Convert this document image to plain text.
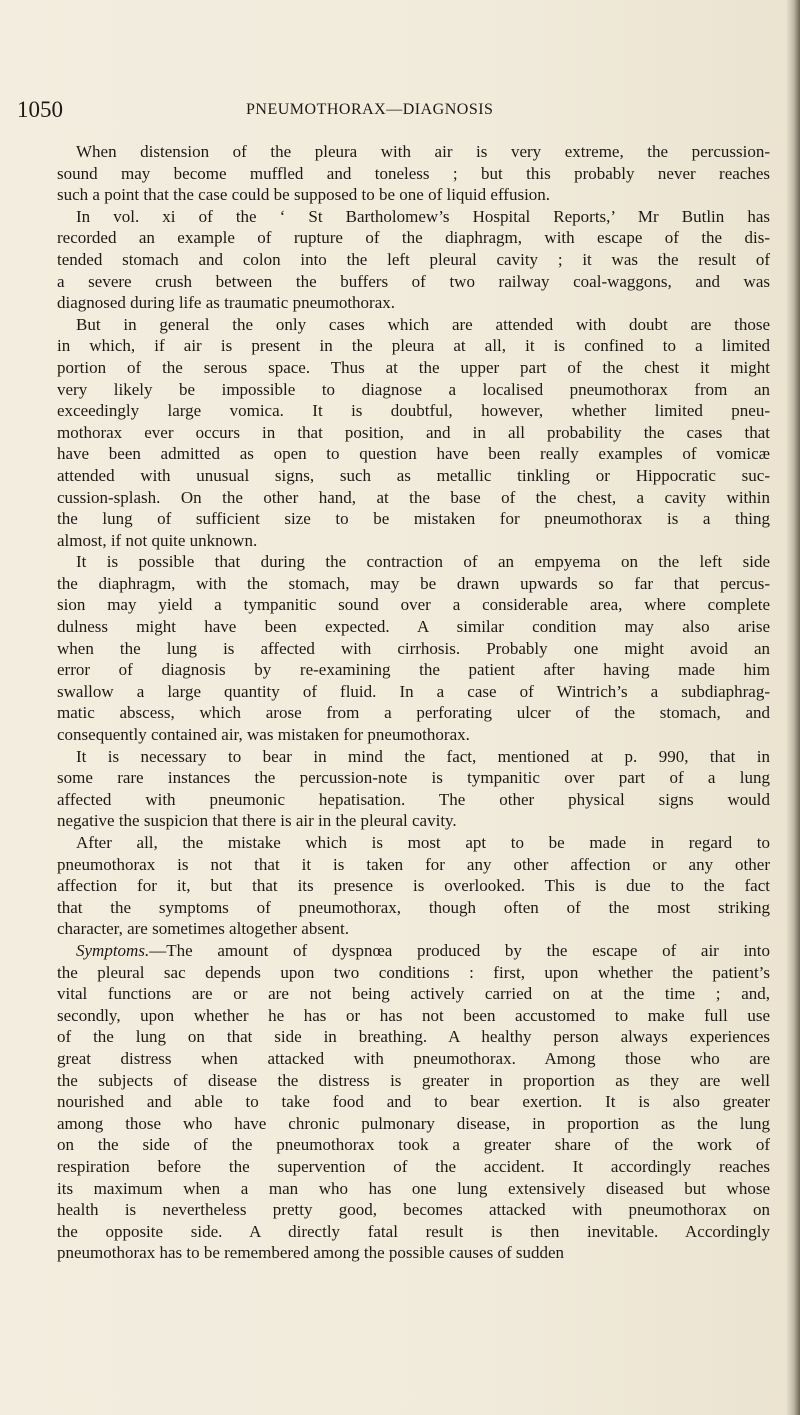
1050	PNEUMOTHORAX—DIAGNOSIS
When distension of the pleura with air is very extreme, the percussion-
sound may become muffled and toneless ; but this probably never reaches
such a point that the case could be supposed to be one of liquid effusion.
In vol. xi of the ‘ St Bartholomew’s Hospital Reports,’ Mr Butlin has
recorded an example of rupture of the diaphragm, with escape of the dis-
tended stomach and colon into the left pleural cavity ; it was the result of
a severe crush between the buffers of two railway coal-waggons, and was
diagnosed during life as traumatic pneumothorax.
But in general the only cases which are attended with doubt are those
in which, if air is present in the pleura at all, it is confined to a limited
portion of the serous space. Thus at the upper part of the chest it might
very likely be impossible to diagnose a localised pneumothorax from an
exceedingly large vomica. It is doubtful, however, whether limited pneu-
mothorax ever occurs in that position, and in all probability the cases that
have been admitted as open to question have been really examples of vomicæ
attended with unusual signs, such as metallic tinkling or Hippocratic suc-
cussion-splash. On the other hand, at the base of the chest, a cavity within
the lung of sufficient size to be mistaken for pneumothorax is a thing
almost, if not quite unknown.
It is possible that during the contraction of an empyema on the left side
the diaphragm, with the stomach, may be drawn upwards so far that percus-
sion may yield a tympanitic sound over a considerable area, where complete
dulness might have been expected. A similar condition may also arise
when the lung is affected with cirrhosis. Probably one might avoid an
error of diagnosis by re-examining the patient after having made him
swallow a large quantity of fluid. In a case of Wintrich’s a subdiaphrag-
matic abscess, which arose from a perforating ulcer of the stomach, and
consequently contained air, was mistaken for pneumothorax.
It is necessary to bear in mind the fact, mentioned at p. 990, that in
some rare instances the percussion-note is tympanitic over part of a lung
affected with pneumonic hepatisation. The other physical signs would
negative the suspicion that there is air in the pleural cavity.
After all, the mistake which is most apt to be made in regard to
pneumothorax is not that it is taken for any other affection or any other
affection for it, but that its presence is overlooked. This is due to the fact
that the symptoms of pneumothorax, though often of the most striking
character, are sometimes altogether absent.
Symptoms.—The amount of dyspnœa produced by the escape of air into
the pleural sac depends upon two conditions : first, upon whether the patient’s
vital functions are or are not being actively carried on at the time ; and,
secondly, upon whether he has or has not been accustomed to make full use
of the lung on that side in breathing. A healthy person always experiences
great distress when attacked with pneumothorax. Among those who are
the subjects of disease the distress is greater in proportion as they are well
nourished and able to take food and to bear exertion. It is also greater
among those who have chronic pulmonary disease, in proportion as the lung
on the side of the pneumothorax took a greater share of the work of
respiration before the supervention of the accident. It accordingly reaches
its maximum when a man who has one lung extensively diseased but whose
health is nevertheless pretty good, becomes attacked with pneumothorax on
the opposite side. A directly fatal result is then inevitable. Accordingly
pneumothorax has to be remembered among the possible causes of sudden
